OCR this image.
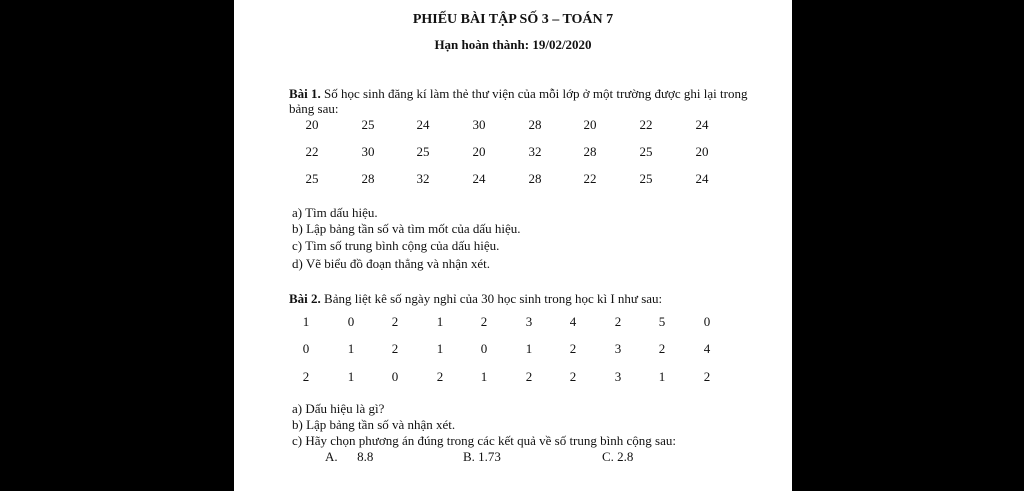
PHIẾU BÀI TẬP SỐ 3 – TOÁN 7
Hạn hoàn thành: 19/02/2020
Bài 1. Số học sinh đăng kí làm thẻ thư viện của mỗi lớp ở một trường được ghi lại trong bảng sau:
20	25	24	30	28	20	22	24
22	30	25	20	32	28	25	20
25	28	32	24	28	22	25	24
a) Tìm dấu hiệu.
b) Lập bảng tần số và tìm mốt của dấu hiệu.
c) Tìm số trung bình cộng của dấu hiệu.
d) Vẽ biểu đồ đoạn thẳng và nhận xét.
Bài 2. Bảng liệt kê số ngày nghỉ của 30 học sinh trong học kì I như sau:
1	0	2	1	2	3	4	2	5	0
0	1	2	1	0	1	2	3	2	4
2	1	0	2	1	2	2	3	1	2
a) Dấu hiệu là gì?
b) Lập bảng tần số và nhận xét.
c) Hãy chọn phương án đúng trong các kết quả về số trung bình cộng sau:
A.      8.8	B. 1.73	C. 2.8
